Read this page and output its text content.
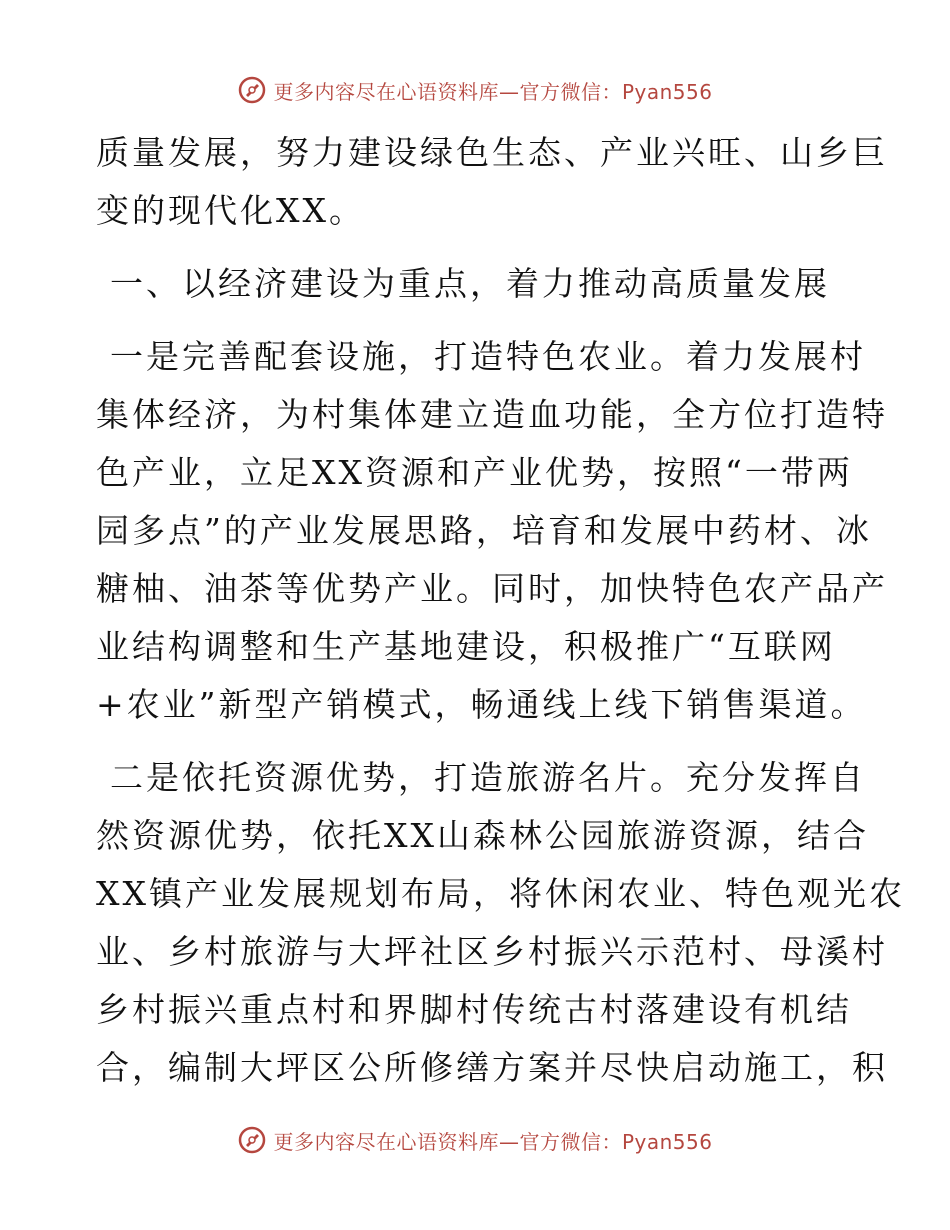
更多内容尽在心语资料库—官方微信：Pyan556
质量发展，努力建设绿色生态、产业兴旺、山乡巨
变的现代化XX。
一、以经济建设为重点，着力推动高质量发展
一是完善配套设施，打造特色农业。着力发展村
集体经济，为村集体建立造血功能，全方位打造特
色产业，立足XX资源和产业优势，按照“一带两
园多点”的产业发展思路，培育和发展中药材、冰
糖柚、油茶等优势产业。同时，加快特色农产品产
业结构调整和生产基地建设，积极推广“互联网
+农业”新型产销模式，畅通线上线下销售渠道。
二是依托资源优势，打造旅游名片。充分发挥自
然资源优势，依托XX山森林公园旅游资源，结合
XX镇产业发展规划布局，将休闲农业、特色观光农
业、乡村旅游与大坪社区乡村振兴示范村、母溪村
乡村振兴重点村和界脚村传统古村落建设有机结
合，编制大坪区公所修缮方案并尽快启动施工，积
更多内容尽在心语资料库—官方微信：Pyan556
